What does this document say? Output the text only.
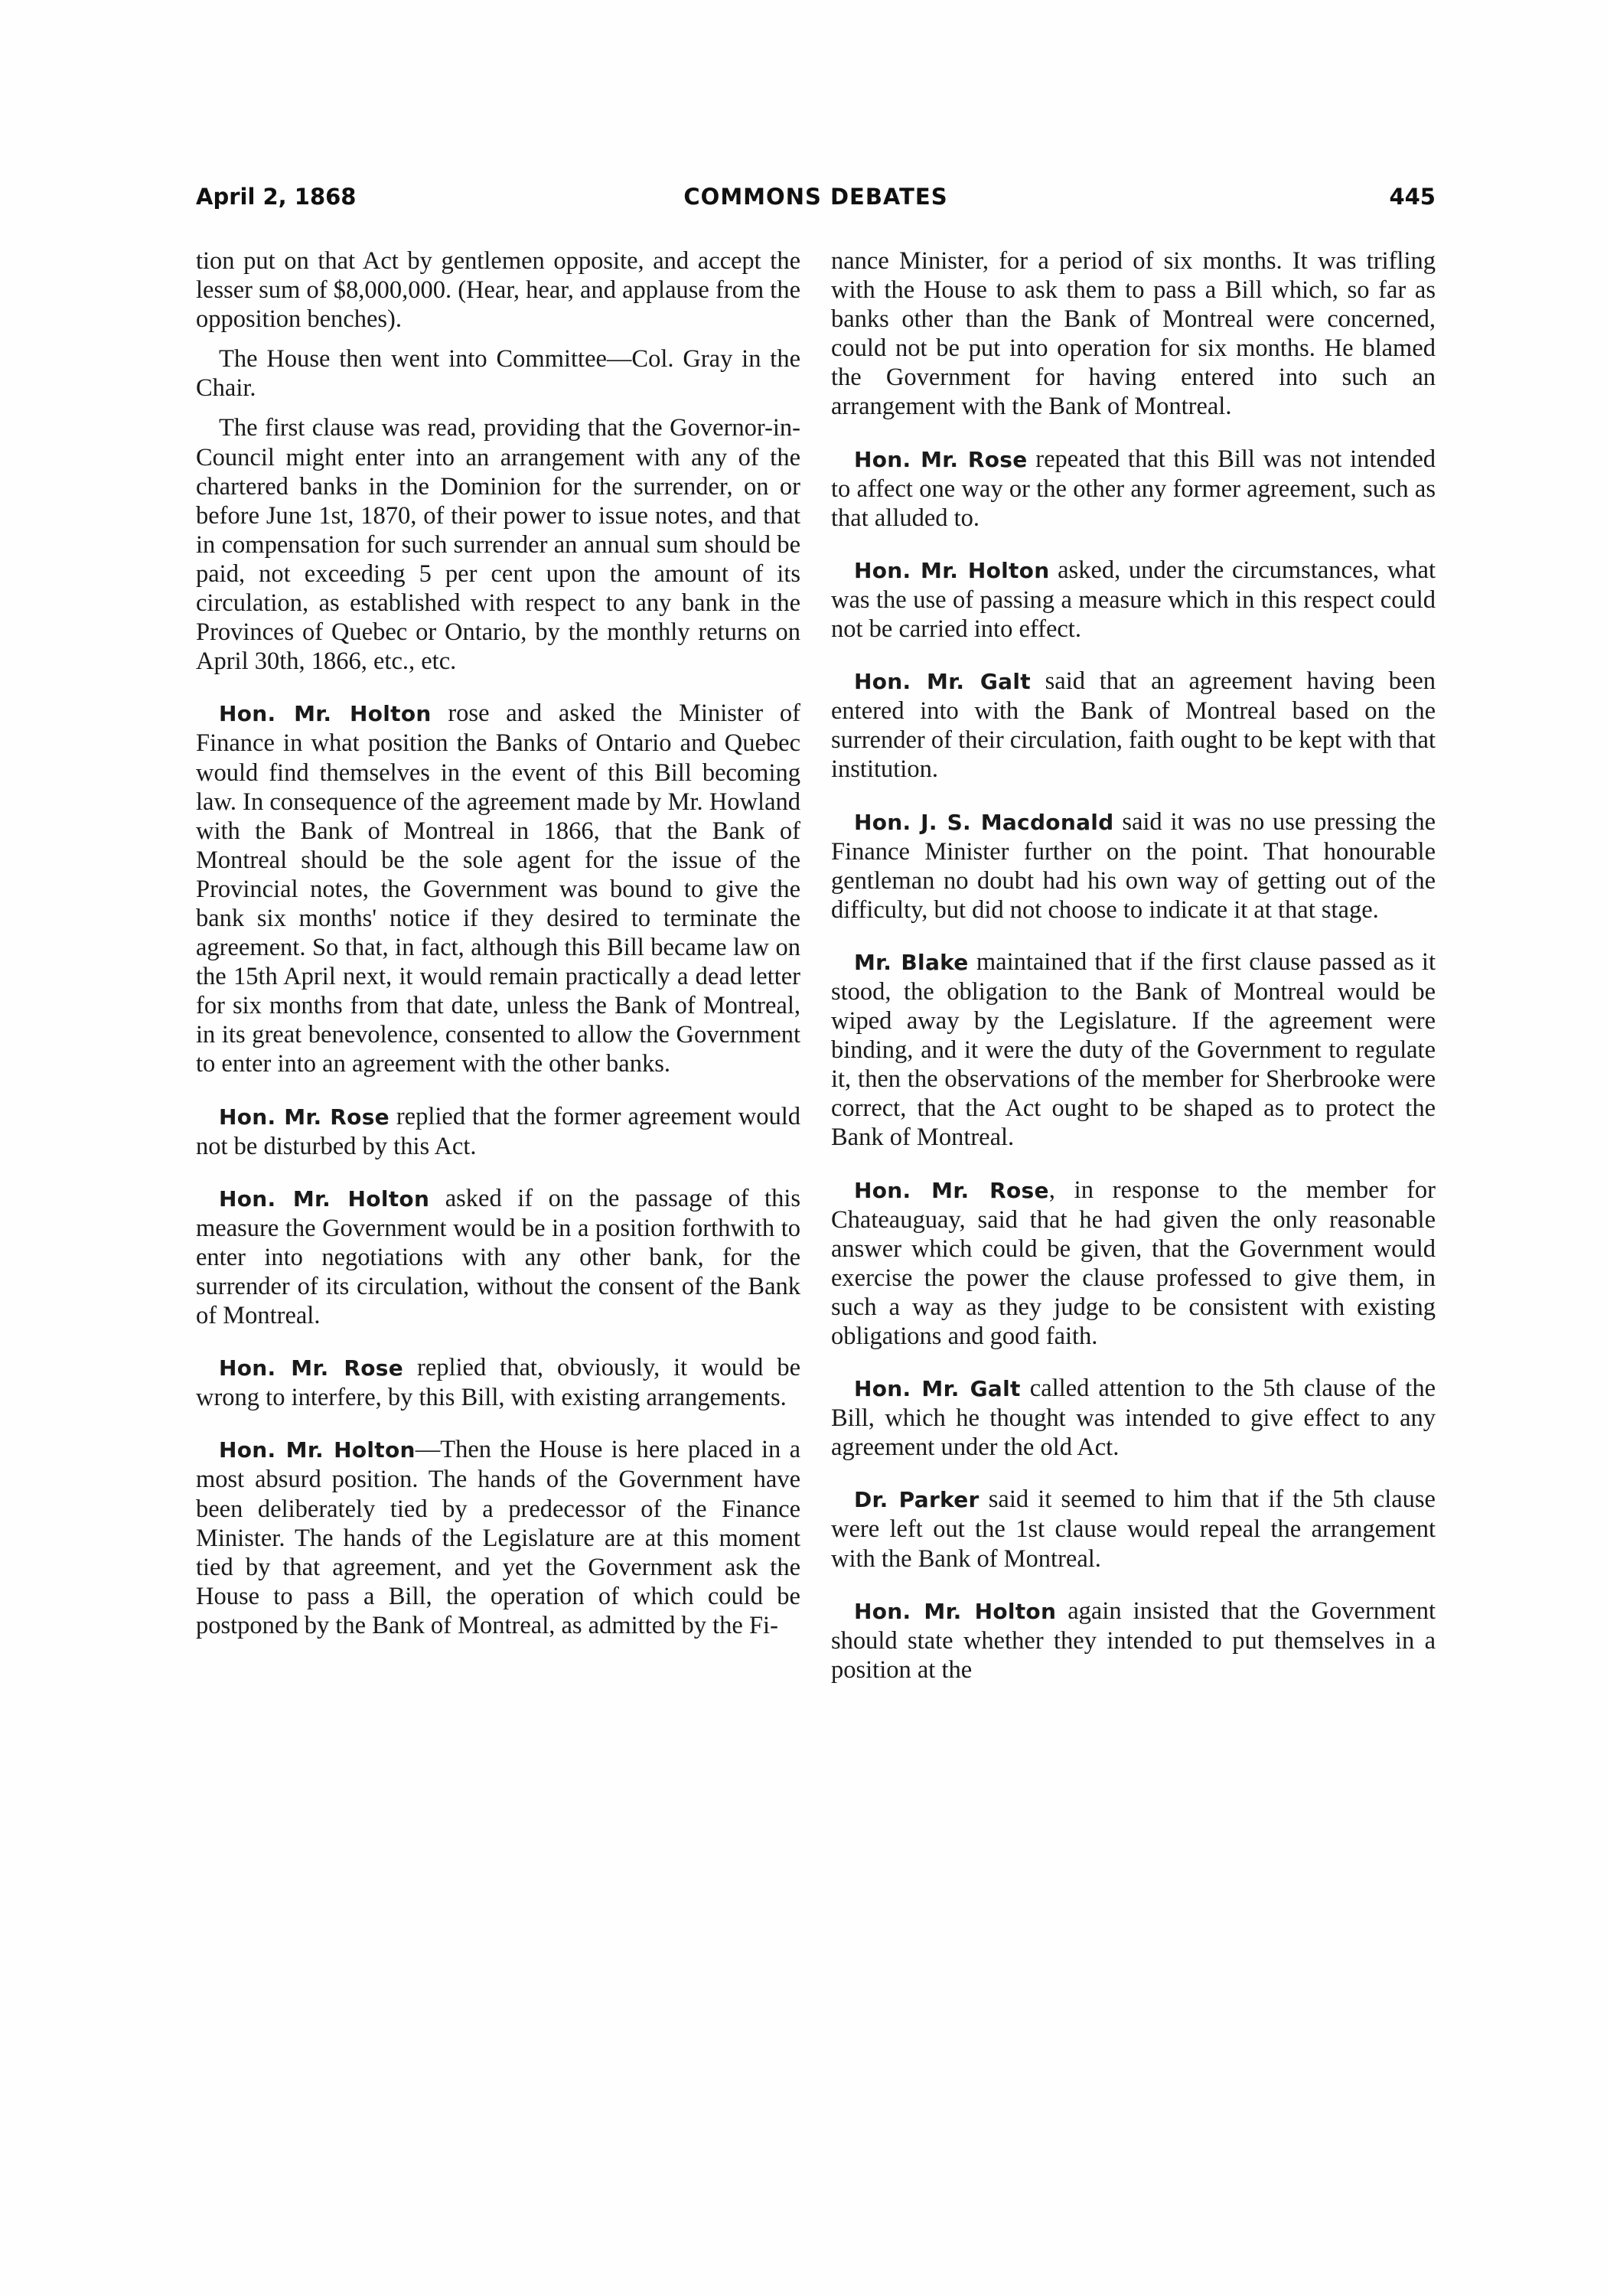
April 2, 1868	COMMONS DEBATES	445

tion put on that Act by gentlemen opposite, and accept the lesser sum of $8,000,000. (Hear, hear, and applause from the opposition benches).

The House then went into Committee—Col. Gray in the Chair.

The first clause was read, providing that the Governor-in-Council might enter into an arrangement with any of the chartered banks in the Dominion for the surrender, on or before June 1st, 1870, of their power to issue notes, and that in compensation for such surrender an annual sum should be paid, not exceeding 5 per cent upon the amount of its circulation, as established with respect to any bank in the Provinces of Quebec or Ontario, by the monthly returns on April 30th, 1866, etc., etc.

Hon. Mr. Holton rose and asked the Minister of Finance in what position the Banks of Ontario and Quebec would find themselves in the event of this Bill becoming law. In consequence of the agreement made by Mr. Howland with the Bank of Montreal in 1866, that the Bank of Montreal should be the sole agent for the issue of the Provincial notes, the Government was bound to give the bank six months' notice if they desired to terminate the agreement. So that, in fact, although this Bill became law on the 15th April next, it would remain practically a dead letter for six months from that date, unless the Bank of Montreal, in its great benevolence, consented to allow the Government to enter into an agreement with the other banks.

Hon. Mr. Rose replied that the former agreement would not be disturbed by this Act.

Hon. Mr. Holton asked if on the passage of this measure the Government would be in a position forthwith to enter into negotiations with any other bank, for the surrender of its circulation, without the consent of the Bank of Montreal.

Hon. Mr. Rose replied that, obviously, it would be wrong to interfere, by this Bill, with existing arrangements.

Hon. Mr. Holton—Then the House is here placed in a most absurd position. The hands of the Government have been deliberately tied by a predecessor of the Finance Minister. The hands of the Legislature are at this moment tied by that agreement, and yet the Government ask the House to pass a Bill, the operation of which could be postponed by the Bank of Montreal, as admitted by the Fi-

nance Minister, for a period of six months. It was trifling with the House to ask them to pass a Bill which, so far as banks other than the Bank of Montreal were concerned, could not be put into operation for six months. He blamed the Government for having entered into such an arrangement with the Bank of Montreal.

Hon. Mr. Rose repeated that this Bill was not intended to affect one way or the other any former agreement, such as that alluded to.

Hon. Mr. Holton asked, under the circumstances, what was the use of passing a measure which in this respect could not be carried into effect.

Hon. Mr. Galt said that an agreement having been entered into with the Bank of Montreal based on the surrender of their circulation, faith ought to be kept with that institution.

Hon. J. S. Macdonald said it was no use pressing the Finance Minister further on the point. That honourable gentleman no doubt had his own way of getting out of the difficulty, but did not choose to indicate it at that stage.

Mr. Blake maintained that if the first clause passed as it stood, the obligation to the Bank of Montreal would be wiped away by the Legislature. If the agreement were binding, and it were the duty of the Government to regulate it, then the observations of the member for Sherbrooke were correct, that the Act ought to be shaped as to protect the Bank of Montreal.

Hon. Mr. Rose, in response to the member for Chateauguay, said that he had given the only reasonable answer which could be given, that the Government would exercise the power the clause professed to give them, in such a way as they judge to be consistent with existing obligations and good faith.

Hon. Mr. Galt called attention to the 5th clause of the Bill, which he thought was intended to give effect to any agreement under the old Act.

Dr. Parker said it seemed to him that if the 5th clause were left out the 1st clause would repeal the arrangement with the Bank of Montreal.

Hon. Mr. Holton again insisted that the Government should state whether they intended to put themselves in a position at the
